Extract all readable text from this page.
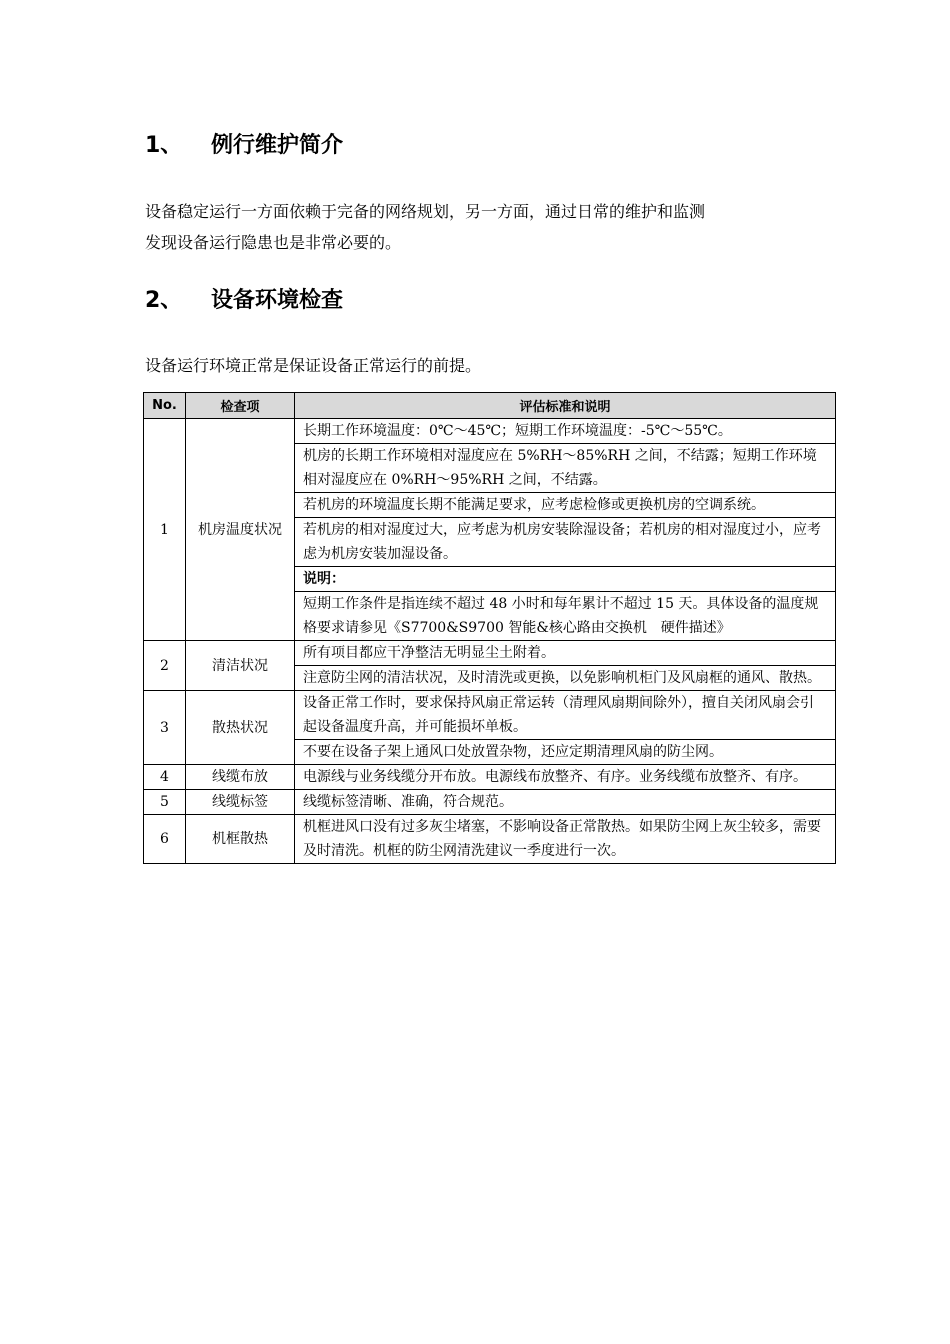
1、 例行维护简介
设备稳定运行一方面依赖于完备的网络规划，另一方面，通过日常的维护和监测
发现设备运行隐患也是非常必要的。
2、 设备环境检查
设备运行环境正常是保证设备正常运行的前提。
No.	检查项	评估标准和说明
1	机房温度状况	长期工作环境温度：0℃～45℃；短期工作环境温度：-5℃～55℃。
		机房的长期工作环境相对湿度应在 5%RH～85%RH 之间，不结露；短期工作环境相对湿度应在 0%RH～95%RH 之间，不结露。
		若机房的环境温度长期不能满足要求，应考虑检修或更换机房的空调系统。
		若机房的相对湿度过大，应考虑为机房安装除湿设备；若机房的相对湿度过小，应考虑为机房安装加湿设备。
		说明：
		短期工作条件是指连续不超过 48 小时和每年累计不超过 15 天。具体设备的温度规格要求请参见《S7700&S9700 智能&核心路由交换机　硬件描述》
2	清洁状况	所有项目都应干净整洁无明显尘土附着。
		注意防尘网的清洁状况，及时清洗或更换，以免影响机柜门及风扇框的通风、散热。
3	散热状况	设备正常工作时，要求保持风扇正常运转（清理风扇期间除外），擅自关闭风扇会引起设备温度升高，并可能损坏单板。
		不要在设备子架上通风口处放置杂物，还应定期清理风扇的防尘网。
4	线缆布放	电源线与业务线缆分开布放。电源线布放整齐、有序。业务线缆布放整齐、有序。
5	线缆标签	线缆标签清晰、准确，符合规范。
6	机框散热	机框进风口没有过多灰尘堵塞，不影响设备正常散热。如果防尘网上灰尘较多，需要及时清洗。机框的防尘网清洗建议一季度进行一次。
